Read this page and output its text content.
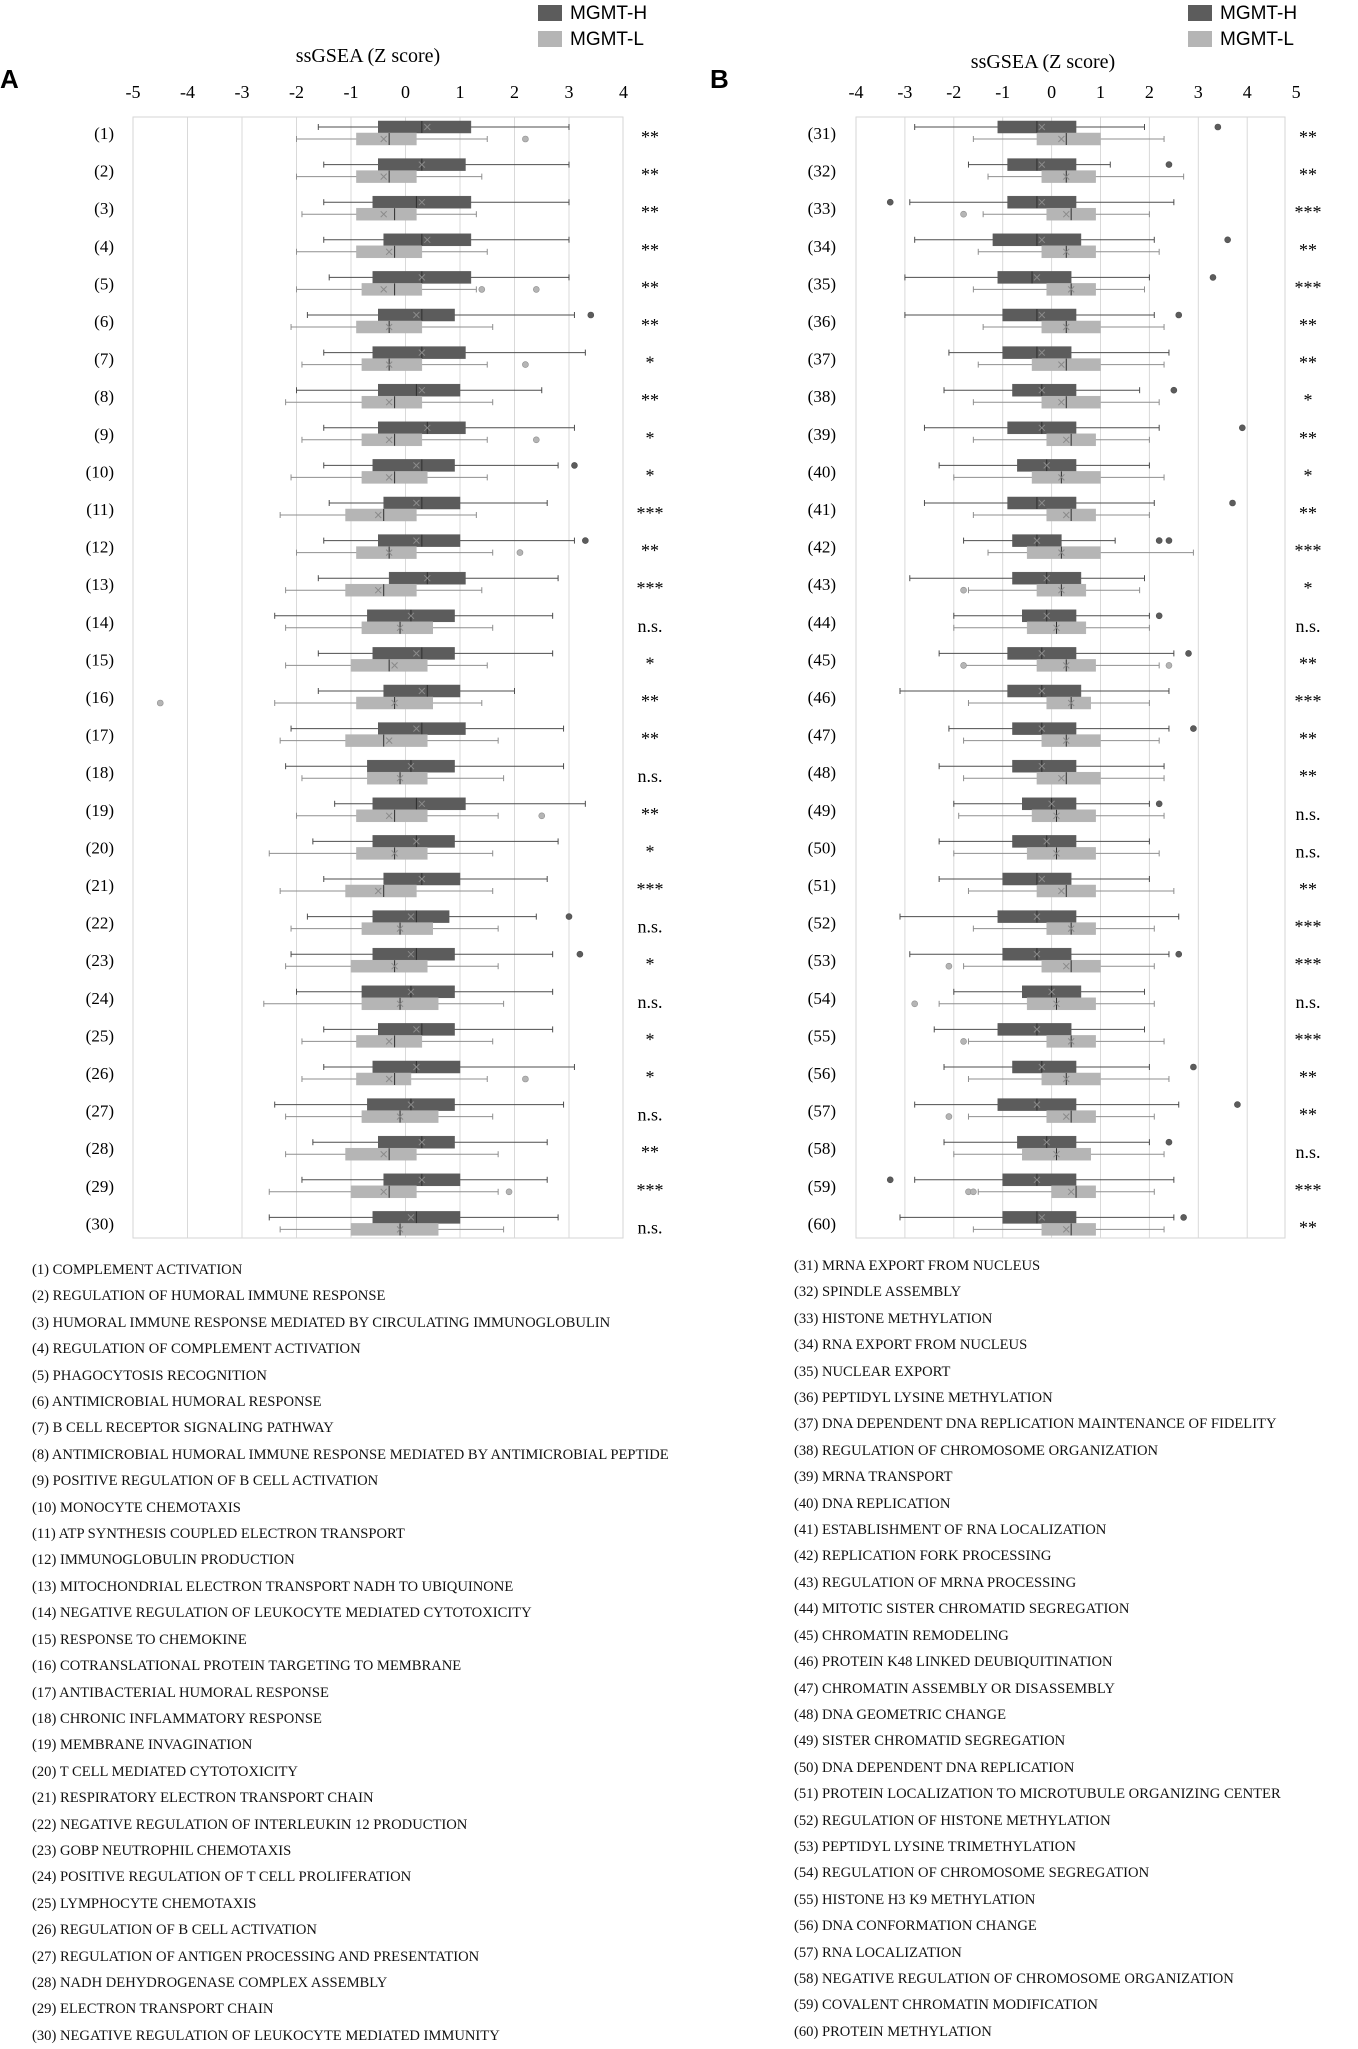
A
ssGSEA (Z score)
-5 -4 -3 -2 -1 0	1	2	3	4
MGMT-H
MGMT-L
(1)	**
(2)	**
(3)	**
(4)	**
(5)	**
(6)	**
(7)	*
(8)	**
(9)	*
(10)	*
(11)	***
(12)	**
(13)	***
(14)	n.s.
(15)	*
(16)	**
(17)	**
(18)	n.s.
(19)	**
(20)	*
(21)	***
(22)	n.s.
(23)	*
(24)	n.s.
(25)	*
(26)	*
(27)	n.s.
(28)	**
(29)	***
(30)	n.s.
B
ssGSEA (Z score)
-4 -3 -2 -1 0 1 2 3 4 5
MGMT-H
MGMT-L
(31)	**
(32)	**
(33)	***
(34)	**
(35)	***
(36)	**
(37)	**
(38)	*
(39)	**
(40)	*
(41)	**
(42)	***
(43)	*
(44)	n.s.
(45)	**
(46)	***
(47)	**
(48)	**
(49)	n.s.
(50)	n.s.
(51)	**
(52)	***
(53)	***
(54)	n.s.
(55)	***
(56)	**
(57)	**
(58)	n.s.
(59)	***
(60)	**
(1) COMPLEMENT ACTIVATION
(2) REGULATION OF HUMORAL IMMUNE RESPONSE
(3) HUMORAL IMMUNE RESPONSE MEDIATED BY CIRCULATING IMMUNOGLOBULIN
(4) REGULATION OF COMPLEMENT ACTIVATION
(5) PHAGOCYTOSIS RECOGNITION
(6) ANTIMICROBIAL HUMORAL RESPONSE
(7) B CELL RECEPTOR SIGNALING PATHWAY
(8) ANTIMICROBIAL HUMORAL IMMUNE RESPONSE MEDIATED BY ANTIMICROBIAL PEPTIDE
(9) POSITIVE REGULATION OF B CELL ACTIVATION
(10) MONOCYTE CHEMOTAXIS
(11) ATP SYNTHESIS COUPLED ELECTRON TRANSPORT
(12) IMMUNOGLOBULIN PRODUCTION
(13) MITOCHONDRIAL ELECTRON TRANSPORT NADH TO UBIQUINONE
(14) NEGATIVE REGULATION OF LEUKOCYTE MEDIATED CYTOTOXICITY
(15) RESPONSE TO CHEMOKINE
(16) COTRANSLATIONAL PROTEIN TARGETING TO MEMBRANE
(17) ANTIBACTERIAL HUMORAL RESPONSE
(18) CHRONIC INFLAMMATORY RESPONSE
(19) MEMBRANE INVAGINATION
(20) T CELL MEDIATED CYTOTOXICITY
(21) RESPIRATORY ELECTRON TRANSPORT CHAIN
(22) NEGATIVE REGULATION OF INTERLEUKIN 12 PRODUCTION
(23) GOBP NEUTROPHIL CHEMOTAXIS
(24) POSITIVE REGULATION OF T CELL PROLIFERATION
(25) LYMPHOCYTE CHEMOTAXIS
(26) REGULATION OF B CELL ACTIVATION
(27) REGULATION OF ANTIGEN PROCESSING AND PRESENTATION
(28) NADH DEHYDROGENASE COMPLEX ASSEMBLY
(29) ELECTRON TRANSPORT CHAIN
(30) NEGATIVE REGULATION OF LEUKOCYTE MEDIATED IMMUNITY
(31) MRNA EXPORT FROM NUCLEUS
(32) SPINDLE ASSEMBLY
(33) HISTONE METHYLATION
(34) RNA EXPORT FROM NUCLEUS
(35) NUCLEAR EXPORT
(36) PEPTIDYL LYSINE METHYLATION
(37) DNA DEPENDENT DNA REPLICATION MAINTENANCE OF FIDELITY
(38) REGULATION OF CHROMOSOME ORGANIZATION
(39) MRNA TRANSPORT
(40) DNA REPLICATION
(41) ESTABLISHMENT OF RNA LOCALIZATION
(42) REPLICATION FORK PROCESSING
(43) REGULATION OF MRNA PROCESSING
(44) MITOTIC SISTER CHROMATID SEGREGATION
(45) CHROMATIN REMODELING
(46) PROTEIN K48 LINKED DEUBIQUITINATION
(47) CHROMATIN ASSEMBLY OR DISASSEMBLY
(48) DNA GEOMETRIC CHANGE
(49) SISTER CHROMATID SEGREGATION
(50) DNA DEPENDENT DNA REPLICATION
(51) PROTEIN LOCALIZATION TO MICROTUBULE ORGANIZING CENTER
(52) REGULATION OF HISTONE METHYLATION
(53) PEPTIDYL LYSINE TRIMETHYLATION
(54) REGULATION OF CHROMOSOME SEGREGATION
(55) HISTONE H3 K9 METHYLATION
(56) DNA CONFORMATION CHANGE
(57) RNA LOCALIZATION
(58) NEGATIVE REGULATION OF CHROMOSOME ORGANIZATION
(59) COVALENT CHROMATIN MODIFICATION
(60) PROTEIN METHYLATION
